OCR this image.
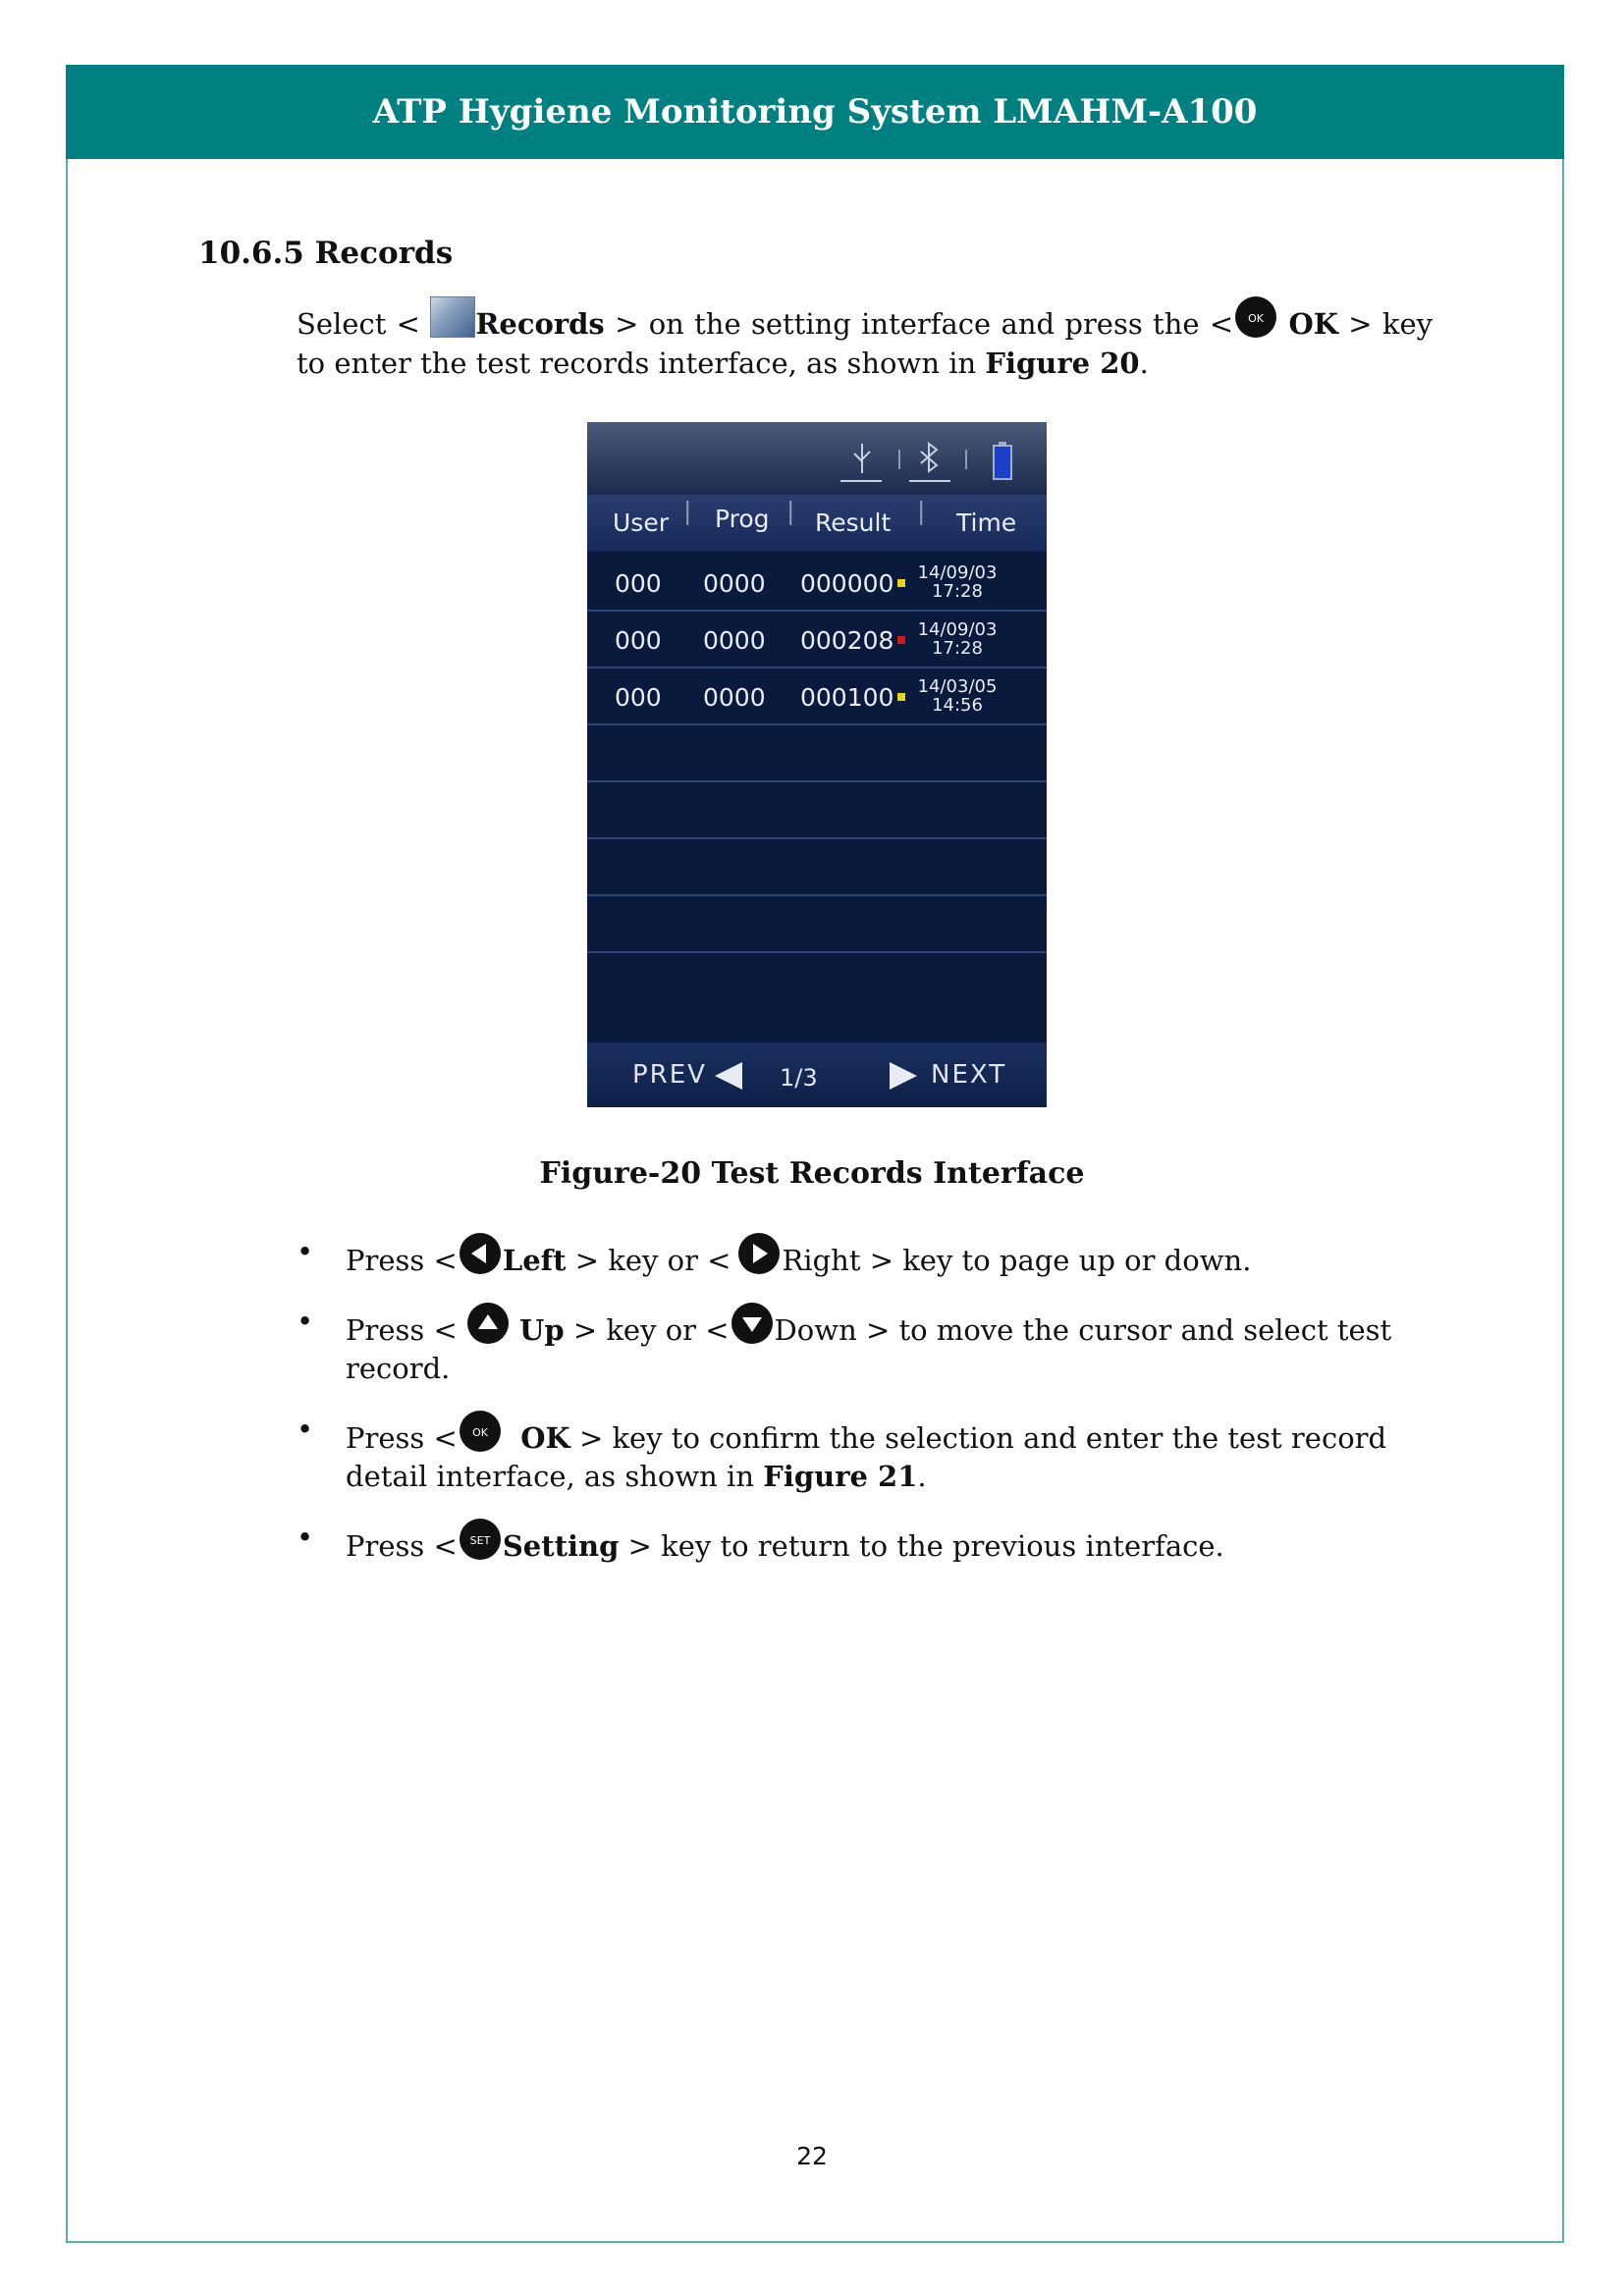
ATP Hygiene Monitoring System LMAHM-A100
10.6.5 Records
Select < Records > on the setting interface and press the < OK OK > key to enter the test records interface, as shown in Figure 20.
User | Prog | Result | Time
000 0000 000000 14/09/03
17:28
000 0000 000208 14/09/03
17:28
000 0000 000100 14/03/05
14:56
PREV	1/3	NEXT
Figure-20 Test Records Interface
• Press < Left > key or < Right > key to page up or down.
• Press < Up > key or < Down > to move the cursor and select test record.
• Press < OK OK > key to confirm the selection and enter the test record detail interface, as shown in Figure 21.
• Press < SET Setting > key to return to the previous interface.
22
